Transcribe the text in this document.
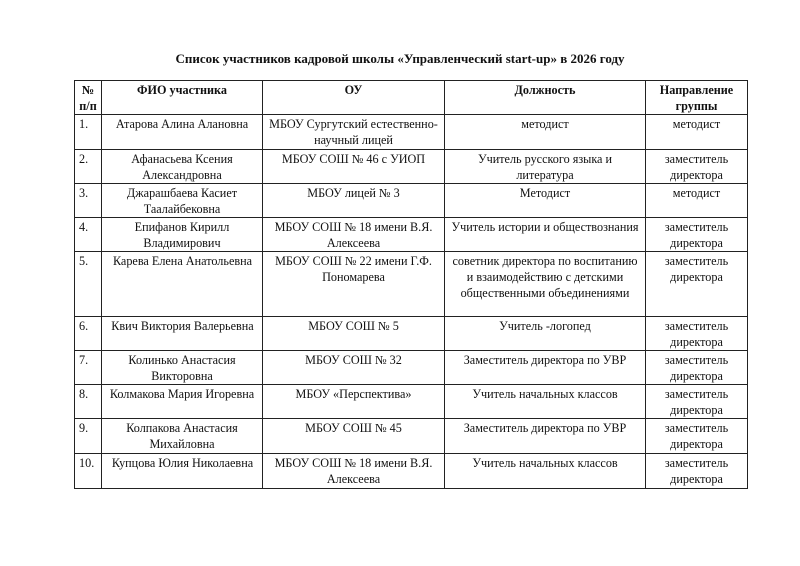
Список участников кадровой школы «Управленческий start-up» в 2026 году
№ п/п	ФИО участника	ОУ	Должность	Направление группы
1.	Атарова Алина Алановна	МБОУ Сургутский естественно-научный лицей	методист	методист
2.	Афанасьева Ксения Александровна	МБОУ СОШ № 46 с УИОП	Учитель русского языка и литература	заместитель директора
3.	Джарашбаева Касиет Таалайбековна	МБОУ лицей № 3	Методист	методист
4.	Епифанов Кирилл Владимирович	МБОУ СОШ № 18 имени В.Я. Алексеева	Учитель истории и обществознания	заместитель директора
5.	Карева Елена Анатольевна	МБОУ СОШ № 22 имени Г.Ф. Пономарева	советник директора по воспитанию и взаимодействию с детскими общественными объединениями	заместитель директора
6.	Квич Виктория Валерьевна	МБОУ СОШ № 5	Учитель -логопед	заместитель директора
7.	Колинько Анастасия Викторовна	МБОУ СОШ № 32	Заместитель директора по УВР	заместитель директора
8.	Колмакова Мария Игоревна	МБОУ «Перспектива»	Учитель начальных классов	заместитель директора
9.	Колпакова Анастасия Михайловна	МБОУ СОШ № 45	Заместитель директора по УВР	заместитель директора
10.	Купцова Юлия Николаевна	МБОУ СОШ № 18 имени В.Я. Алексеева	Учитель начальных классов	заместитель директора
